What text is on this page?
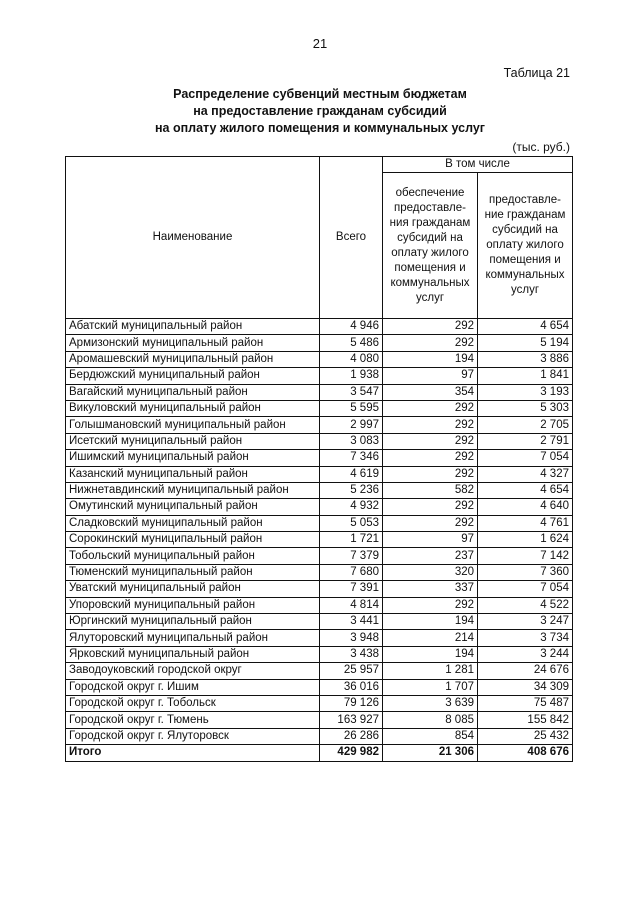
21
Таблица 21
Распределение субвенций местным бюджетам
на предоставление гражданам субсидий
на оплату жилого помещения и коммунальных услуг
(тыс. руб.)
Наименование	Всего	В том числе	
		обеспечение предоставле-ния гражданам субсидий на оплату жилого помещения и коммунальных услуг	предоставле-ние гражданам субсидий на оплату жилого помещения и коммунальных услуг
Абатский муниципальный район	4 946	292	4 654
Армизонский муниципальный район	5 486	292	5 194
Аромашевский муниципальный район	4 080	194	3 886
Бердюжский муниципальный район	1 938	97	1 841
Вагайский муниципальный район	3 547	354	3 193
Викуловский муниципальный район	5 595	292	5 303
Голышмановский муниципальный район	2 997	292	2 705
Исетский муниципальный район	3 083	292	2 791
Ишимский муниципальный район	7 346	292	7 054
Казанский муниципальный район	4 619	292	4 327
Нижнетавдинский муниципальный район	5 236	582	4 654
Омутинский муниципальный район	4 932	292	4 640
Сладковский муниципальный район	5 053	292	4 761
Сорокинский муниципальный район	1 721	97	1 624
Тобольский муниципальный район	7 379	237	7 142
Тюменский муниципальный район	7 680	320	7 360
Уватский муниципальный район	7 391	337	7 054
Упоровский муниципальный район	4 814	292	4 522
Юргинский муниципальный район	3 441	194	3 247
Ялуторовский муниципальный район	3 948	214	3 734
Ярковский муниципальный район	3 438	194	3 244
Заводоуковский городской округ	25 957	1 281	24 676
Городской округ г. Ишим	36 016	1 707	34 309
Городской округ г. Тобольск	79 126	3 639	75 487
Городской округ г. Тюмень	163 927	8 085	155 842
Городской округ г. Ялуторовск	26 286	854	25 432
Итого	429 982	21 306	408 676
